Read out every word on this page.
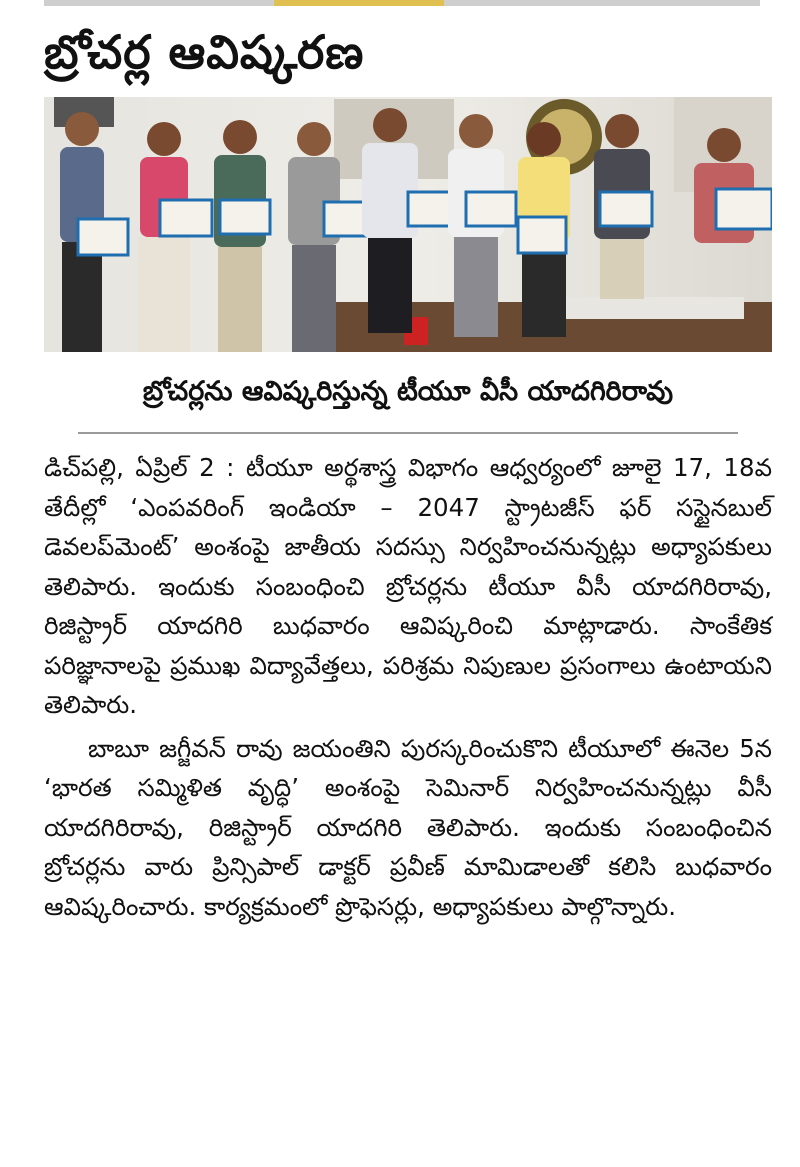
బ్రోచర్ల ఆవిష్కరణ
బ్రోచర్లను ఆవిష్కరిస్తున్న టీయూ వీసీ యాదగిరిరావు

డిచ్‌పల్లి, ఏప్రిల్ 2 : టీయూ అర్థశాస్త్ర విభాగం ఆధ్వర్యంలో జూలై 17, 18వ తేదీల్లో ‘ఎంపవరింగ్ ఇండియా – 2047 స్ట్రాటజీస్ ఫర్ సస్టైనబుల్ డెవలప్‌మెంట్’ అంశంపై జాతీయ సదస్సు నిర్వహించనున్నట్లు అధ్యాపకులు తెలిపారు. ఇందుకు సంబంధించి బ్రోచర్లను టీయూ వీసీ యాదగిరిరావు, రిజిస్ట్రార్ యాదగిరి బుధవారం ఆవిష్కరించి మాట్లాడారు. సాంకేతిక పరిజ్ఞానాలపై ప్రముఖ విద్యావేత్తలు, పరిశ్రమ నిపుణుల ప్రసంగాలు ఉంటాయని తెలిపారు.

బాబూ జగ్జీవన్ రావు జయంతిని పురస్కరించుకొని టీయూలో ఈనెల 5న ‘భారత సమ్మిళిత వృద్ధి’ అంశంపై సెమినార్ నిర్వహించనున్నట్లు వీసీ యాదగిరిరావు, రిజిస్ట్రార్ యాదగిరి తెలిపారు. ఇందుకు సంబంధించిన బ్రోచర్లను వారు ప్రిన్సిపాల్ డాక్టర్ ప్రవీణ్ మామిడాలతో కలిసి బుధవారం ఆవిష్కరించారు. కార్యక్రమంలో ప్రొఫెసర్లు, అధ్యాపకులు పాల్గొన్నారు.
